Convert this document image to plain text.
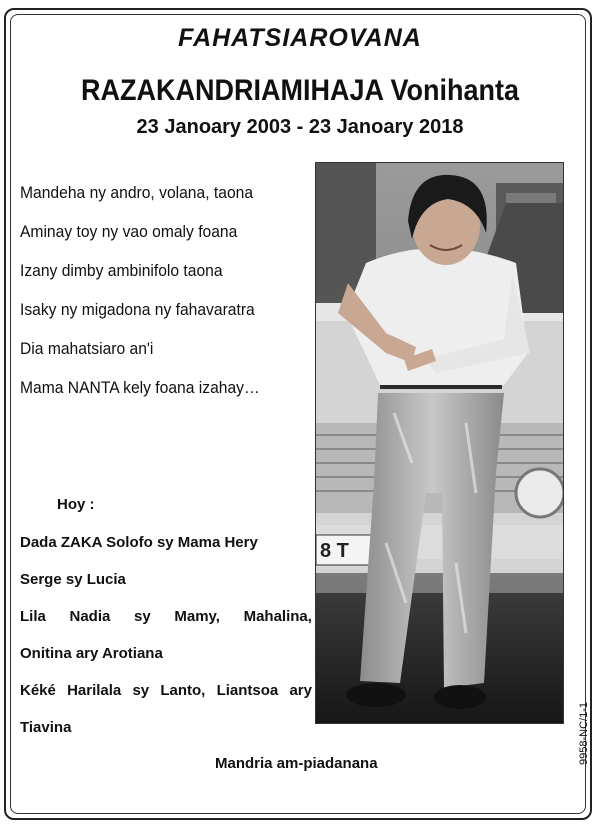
FAHATSIAROVANA
RAZAKANDRIAMIHAJA Vonihanta
23 Janoary 2003 - 23 Janoary 2018
Mandeha ny andro, volana, taona
Aminay toy ny vao omaly foana
Izany dimby ambinifolo taona
Isaky ny migadona ny fahavaratra
Dia mahatsiaro an'i
Mama NANTA kely foana izahay…
Hoy :
Dada ZAKA Solofo sy Mama Hery
Serge sy Lucia
Lila Nadia sy Mamy, Mahalina,
Onitina ary Arotiana
Kéké Harilala sy Lanto, Liantsoa ary
Tiavina
Mandria am-piadanana
8 T
9958-NC/1-1
